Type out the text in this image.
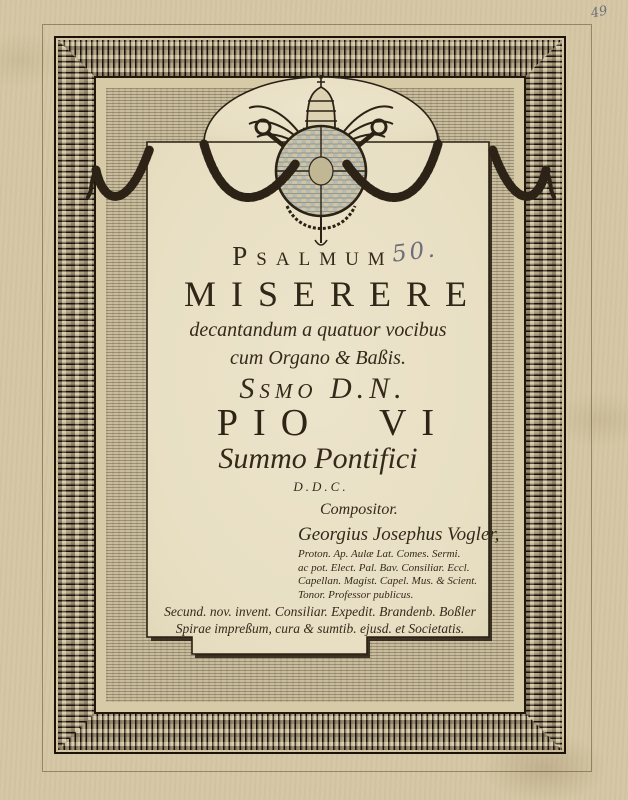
Psalmum
50.
MISERERE
decantandum a quatuor vocibus
cum Organo & Baßis.
Ssmo D.N.
PIO VI
Summo Pontifici
D.D.C.
Compositor.
Georgius Josephus Vogler,
Proton. Ap. Aulæ Lat. Comes. Sermi.
ac pot. Elect. Pal. Bav. Consiliar. Eccl.
Capellan. Magist. Capel. Mus. & Scient.
Tonor. Professor publicus.
Secund. nov. invent. Consiliar. Expedit. Brandenb. Boßler
Spirae impreßum, cura & sumtib. ejusd. et Societatis.
49
